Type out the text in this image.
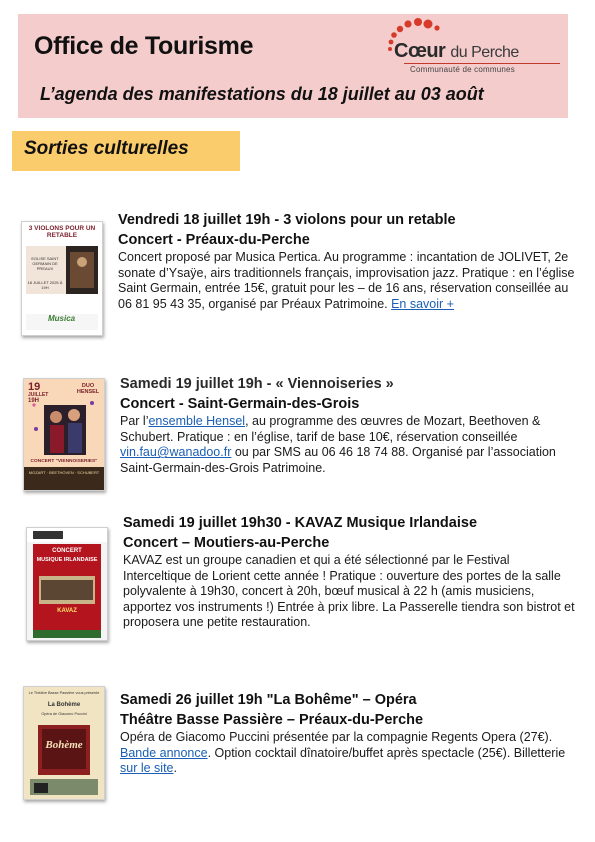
Office de Tourisme
L’agenda des manifestations du 18 juillet au 03 août
Cœur du Perche
Communauté de communes
Sorties culturelles
3 VIOLONS POUR UN RETABLE
EGLISE SAINT GERMAIN DE PREAUX
18 JUILLET 2025 À 19H
Musica
Vendredi 18 juillet 19h - 3 violons pour un retable
Concert - Préaux-du-Perche
Concert proposé par Musica Pertica. Au programme : incantation de JOLIVET, 2e sonate d’Ysaÿe, airs traditionnels français, improvisation jazz. Pratique : en l’église Saint Germain, entrée 15€, gratuit pour les – de 16 ans, réservation conseillée au 06 81 95 43 35, organisé par Préaux Patrimoine. En savoir +
19
JUILLET
19H
DUO HENSEL
CONCERT "VIENNOISERIES"
MOZART · BEETHOVEN · SCHUBERT
Samedi 19 juillet 19h - « Viennoiseries »
Concert - Saint-Germain-des-Grois
Par l’ensemble Hensel, au programme des œuvres de Mozart, Beethoven & Schubert. Pratique : en l’église, tarif de base 10€, réservation conseillée vin.fau@wanadoo.fr ou par SMS au 06 46 18 74 88. Organisé par l’association Saint-Germain-des-Grois Patrimoine.
CONCERT
MUSIQUE IRLANDAISE
KAVAZ
Samedi 19 juillet 19h30 - KAVAZ Musique Irlandaise
Concert – Moutiers-au-Perche
KAVAZ est un groupe canadien et qui a été sélectionné par le Festival Interceltique de Lorient cette année ! Pratique : ouverture des portes de la salle polyvalente à 19h30, concert à 20h, bœuf musical à 22 h (amis musiciens, apportez vos instruments !) Entrée à prix libre. La Passerelle tiendra son bistrot et proposera une petite restauration.
Le Théâtre Basse Passière vous présente
La Bohème
Opéra de Giacomo Puccini
Bohème
Samedi 26 juillet 19h "La Bohême" – Opéra
Théâtre Basse Passière – Préaux-du-Perche
Opéra de Giacomo Puccini présentée par la compagnie Regents Opera (27€). Bande annonce. Option cocktail dînatoire/buffet après spectacle (25€). Billetterie sur le site.
